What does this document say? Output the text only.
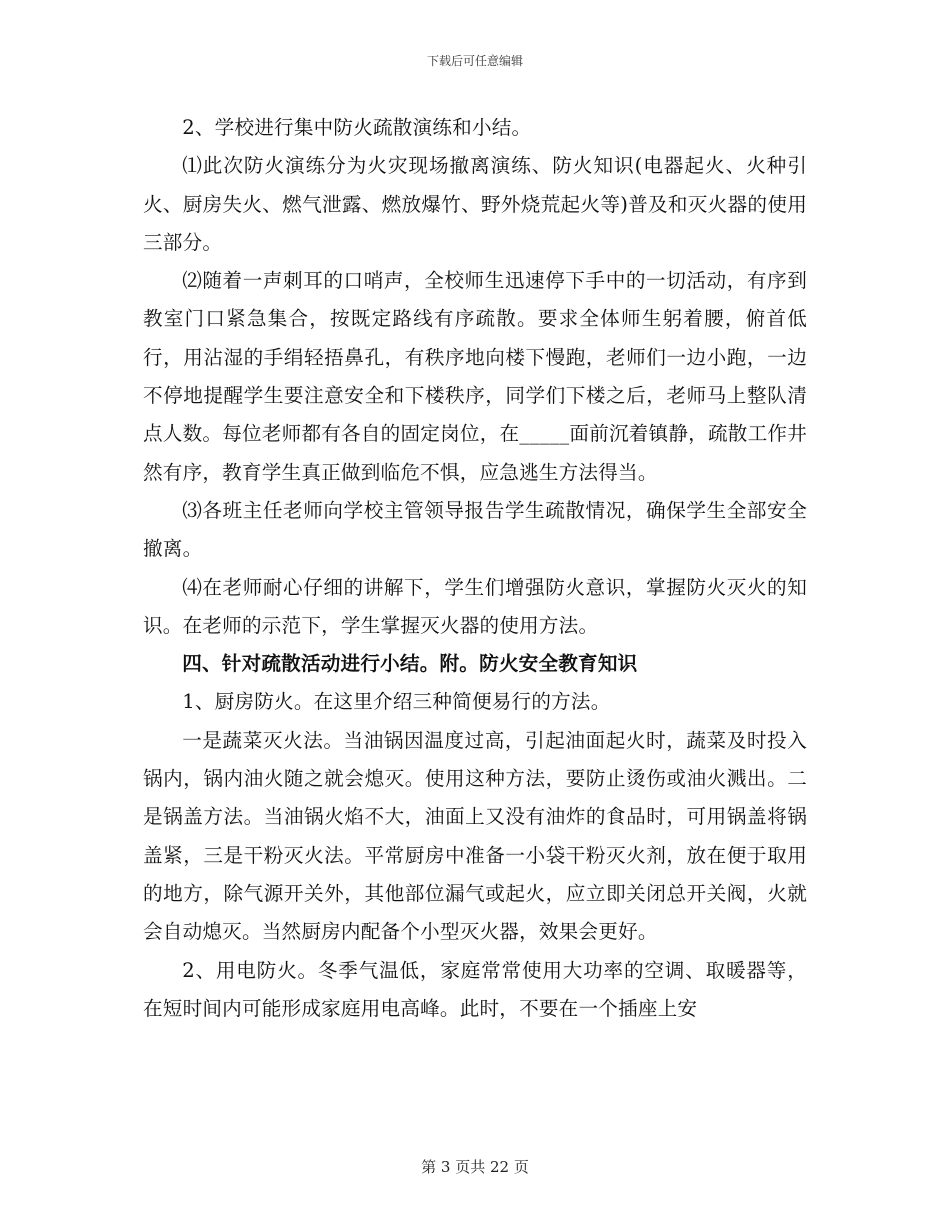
下载后可任意编辑

2、学校进行集中防火疏散演练和小结。

⑴此次防火演练分为火灾现场撤离演练、防火知识(电器起火、火种引火、厨房失火、燃气泄露、燃放爆竹、野外烧荒起火等)普及和灭火器的使用三部分。

⑵随着一声刺耳的口哨声，全校师生迅速停下手中的一切活动，有序到教室门口紧急集合，按既定路线有序疏散。要求全体师生躬着腰，俯首低行，用沾湿的手绢轻捂鼻孔，有秩序地向楼下慢跑，老师们一边小跑，一边不停地提醒学生要注意安全和下楼秩序，同学们下楼之后，老师马上整队清点人数。每位老师都有各自的固定岗位，在_____面前沉着镇静，疏散工作井然有序，教育学生真正做到临危不惧，应急逃生方法得当。

⑶各班主任老师向学校主管领导报告学生疏散情况，确保学生全部安全撤离。

⑷在老师耐心仔细的讲解下，学生们增强防火意识，掌握防火灭火的知识。在老师的示范下，学生掌握灭火器的使用方法。

四、针对疏散活动进行小结。附。防火安全教育知识

1、厨房防火。在这里介绍三种简便易行的方法。

一是蔬菜灭火法。当油锅因温度过高，引起油面起火时，蔬菜及时投入锅内，锅内油火随之就会熄灭。使用这种方法，要防止烫伤或油火溅出。二是锅盖方法。当油锅火焰不大，油面上又没有油炸的食品时，可用锅盖将锅盖紧，三是干粉灭火法。平常厨房中准备一小袋干粉灭火剂，放在便于取用的地方，除气源开关外，其他部位漏气或起火，应立即关闭总开关阀，火就会自动熄灭。当然厨房内配备个小型灭火器，效果会更好。

2、用电防火。冬季气温低，家庭常常使用大功率的空调、取暖器等，在短时间内可能形成家庭用电高峰。此时，不要在一个插座上安

第 3 页共 22 页
